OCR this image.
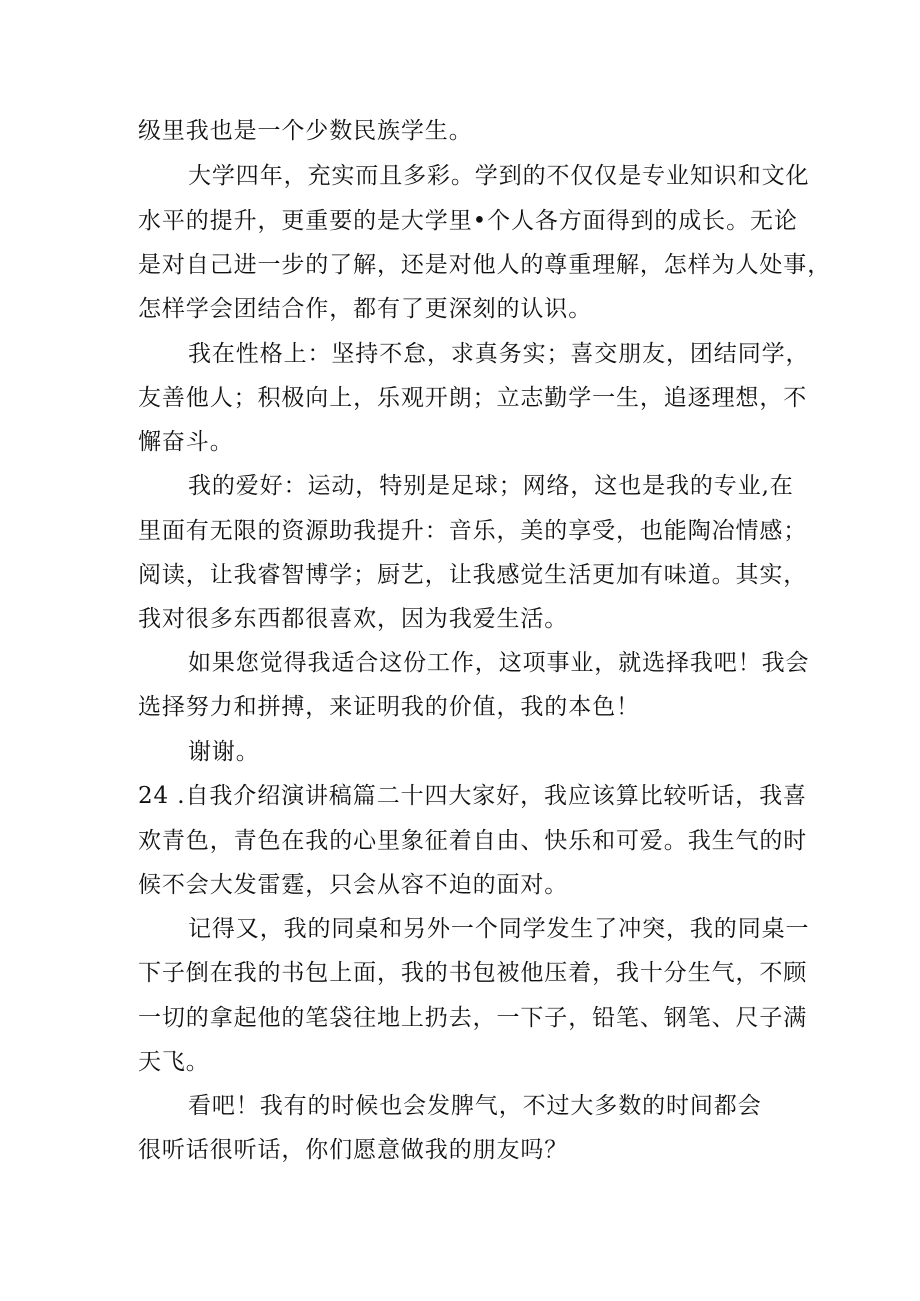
级里我也是一个少数民族学生。
大学四年，充实而且多彩。学到的不仅仅是专业知识和文化
水平的提升，更重要的是大学里•个人各方面得到的成长。无论
是对自己进一步的了解，还是对他人的尊重理解，怎样为人处事，
怎样学会团结合作，都有了更深刻的认识。
我在性格上：坚持不怠，求真务实；喜交朋友，团结同学，
友善他人；积极向上，乐观开朗；立志勤学一生，追逐理想，不
懈奋斗。
我的爱好：运动，特别是足球；网络，这也是我的专业,在
里面有无限的资源助我提升：音乐，美的享受，也能陶冶情感；
阅读，让我睿智博学；厨艺，让我感觉生活更加有味道。其实，
我对很多东西都很喜欢，因为我爱生活。
如果您觉得我适合这份工作，这项事业，就选择我吧！我会
选择努力和拼搏，来证明我的价值，我的本色！
谢谢。
24 .自我介绍演讲稿篇二十四大家好，我应该算比较听话，我喜
欢青色，青色在我的心里象征着自由、快乐和可爱。我生气的时
候不会大发雷霆，只会从容不迫的面对。
记得又，我的同桌和另外一个同学发生了冲突，我的同桌一
下子倒在我的书包上面，我的书包被他压着，我十分生气，不顾
一切的拿起他的笔袋往地上扔去，一下子，铅笔、钢笔、尺子满
天飞。
看吧！我有的时候也会发脾气，不过大多数的时间都会
很听话很听话，你们愿意做我的朋友吗？
